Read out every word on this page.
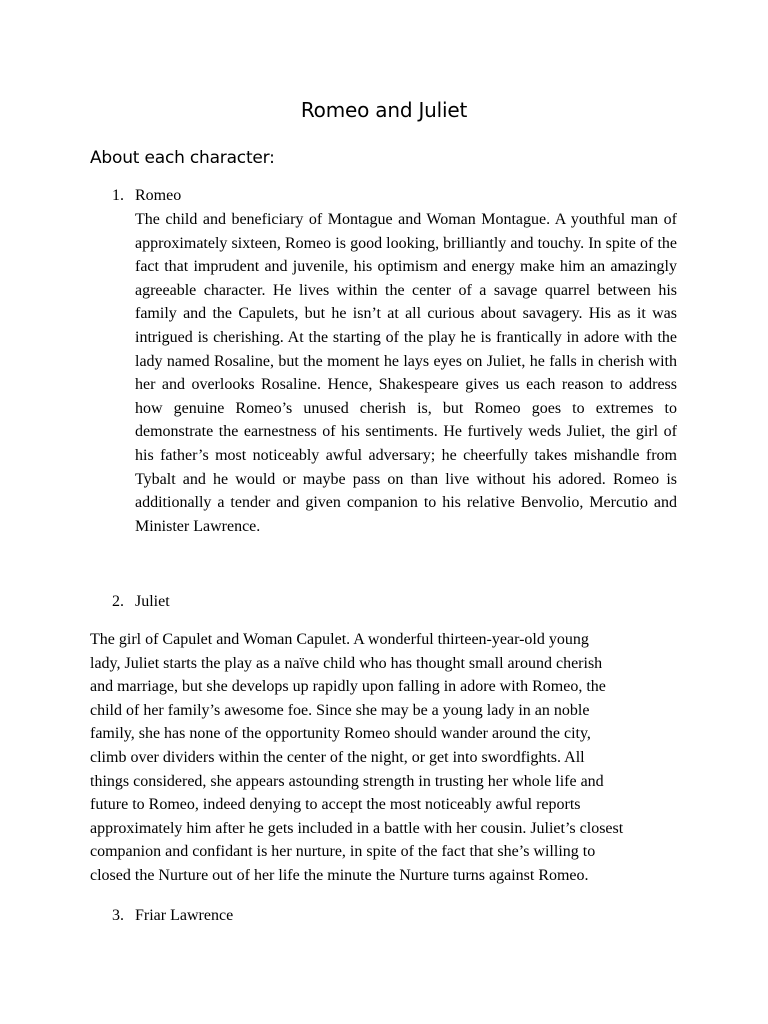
Romeo and Juliet
About each character:
1. Romeo

The child and beneficiary of Montague and Woman Montague. A youthful man of approximately sixteen, Romeo is good looking, brilliantly and touchy. In spite of the fact that imprudent and juvenile, his optimism and energy make him an amazingly agreeable character. He lives within the center of a savage quarrel between his family and the Capulets, but he isn’t at all curious about savagery. His as it was intrigued is cherishing. At the starting of the play he is frantically in adore with the lady named Rosaline, but the moment he lays eyes on Juliet, he falls in cherish with her and overlooks Rosaline. Hence, Shakespeare gives us each reason to address how genuine Romeo’s unused cherish is, but Romeo goes to extremes to demonstrate the earnestness of his sentiments. He furtively weds Juliet, the girl of his father’s most noticeably awful adversary; he cheerfully takes mishandle from Tybalt and he would or maybe pass on than live without his adored. Romeo is additionally a tender and given companion to his relative Benvolio, Mercutio and Minister Lawrence.

2. Juliet
The girl of Capulet and Woman Capulet. A wonderful thirteen-year-old young
lady, Juliet starts the play as a naïve child who has thought small around cherish
and marriage, but she develops up rapidly upon falling in adore with Romeo, the
child of her family’s awesome foe. Since she may be a young lady in an noble
family, she has none of the opportunity Romeo should wander around the city,
climb over dividers within the center of the night, or get into swordfights. All
things considered, she appears astounding strength in trusting her whole life and
future to Romeo, indeed denying to accept the most noticeably awful reports
approximately him after he gets included in a battle with her cousin. Juliet’s closest
companion and confidant is her nurture, in spite of the fact that she’s willing to
closed the Nurture out of her life the minute the Nurture turns against Romeo.
3. Friar Lawrence
